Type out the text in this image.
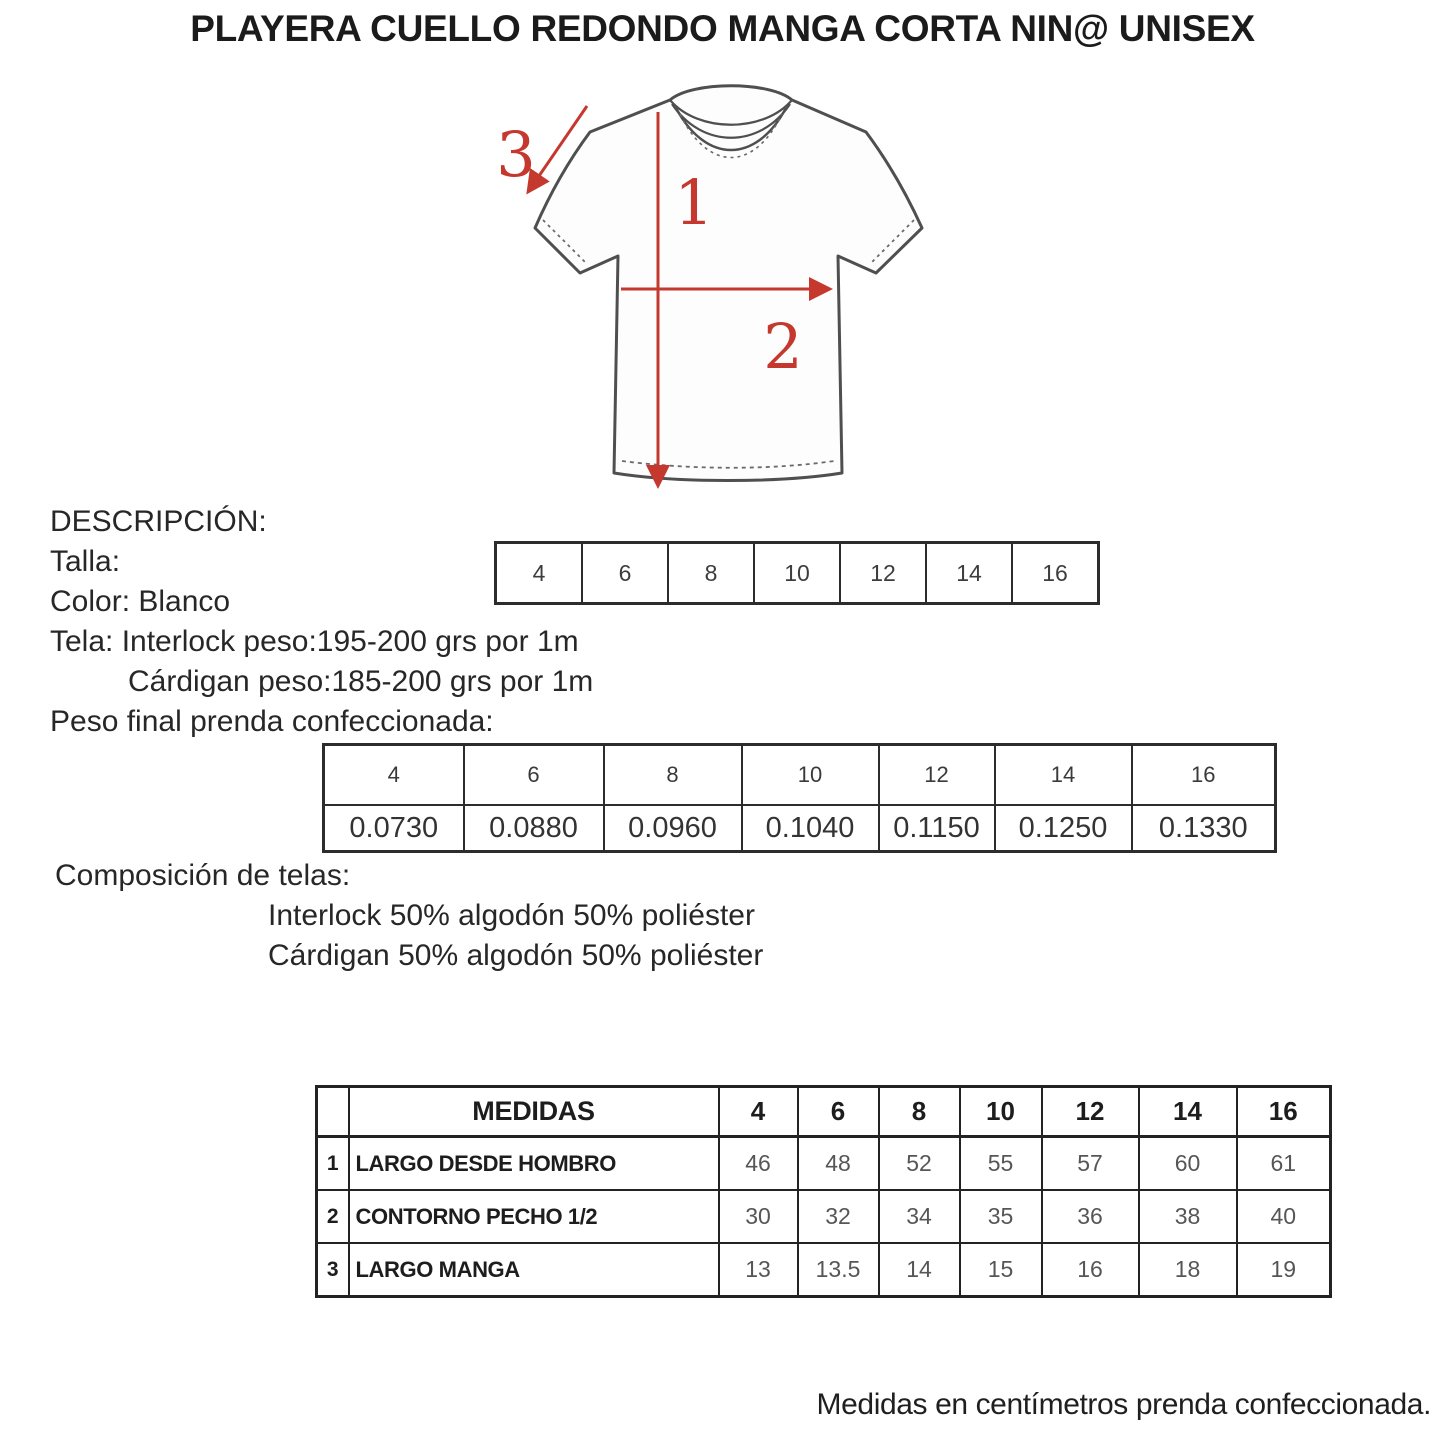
PLAYERA CUELLO REDONDO MANGA CORTA NIN@ UNISEX
1
2
3
DESCRIPCIÓN:
Talla:
Color: Blanco
Tela: Interlock peso:195-200 grs por 1m
Cárdigan peso:185-200 grs por 1m
Peso final prenda confeccionada:
4	6	8	10	12	14	16
4	6	8	10	12	14	16
0.0730	0.0880	0.0960	0.1040	0.1150	0.1250	0.1330
Composición de telas:
Interlock 50% algodón 50% poliéster
Cárdigan 50% algodón 50% poliéster
	MEDIDAS	4	6	8	10	12	14	16
1	LARGO DESDE HOMBRO	46	48	52	55	57	60	61
2	CONTORNO PECHO 1/2	30	32	34	35	36	38	40
3	LARGO MANGA	13	13.5	14	15	16	18	19
Medidas en centímetros prenda confeccionada.
